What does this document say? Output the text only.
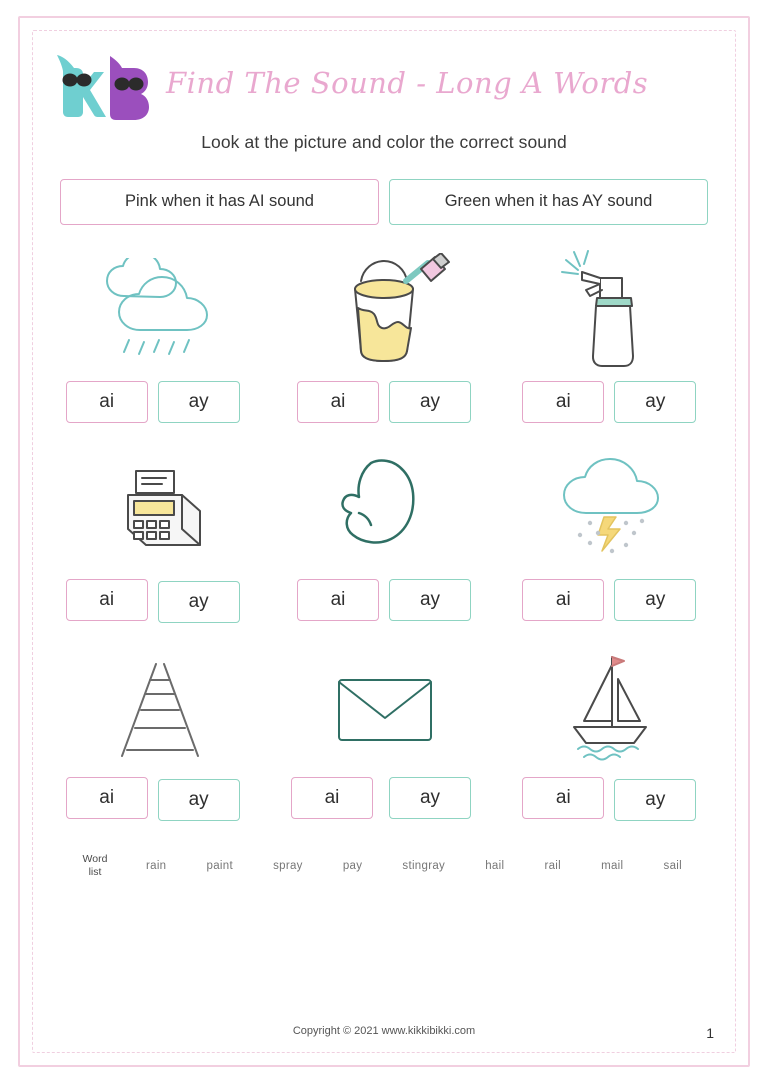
Find The Sound - Long A Words
Look at the picture and color the correct sound
Pink when it has AI sound	Green when it has AY sound
ai	ay	ai	ay	ai	ay
ai	ay	ai	ay	ai	ay
ai	ay	ai	ay	ai	ay
Word
list	rain	paint	spray	pay	stingray	hail	rail	mail	sail
Copyright © 2021 www.kikkibikki.com	1
